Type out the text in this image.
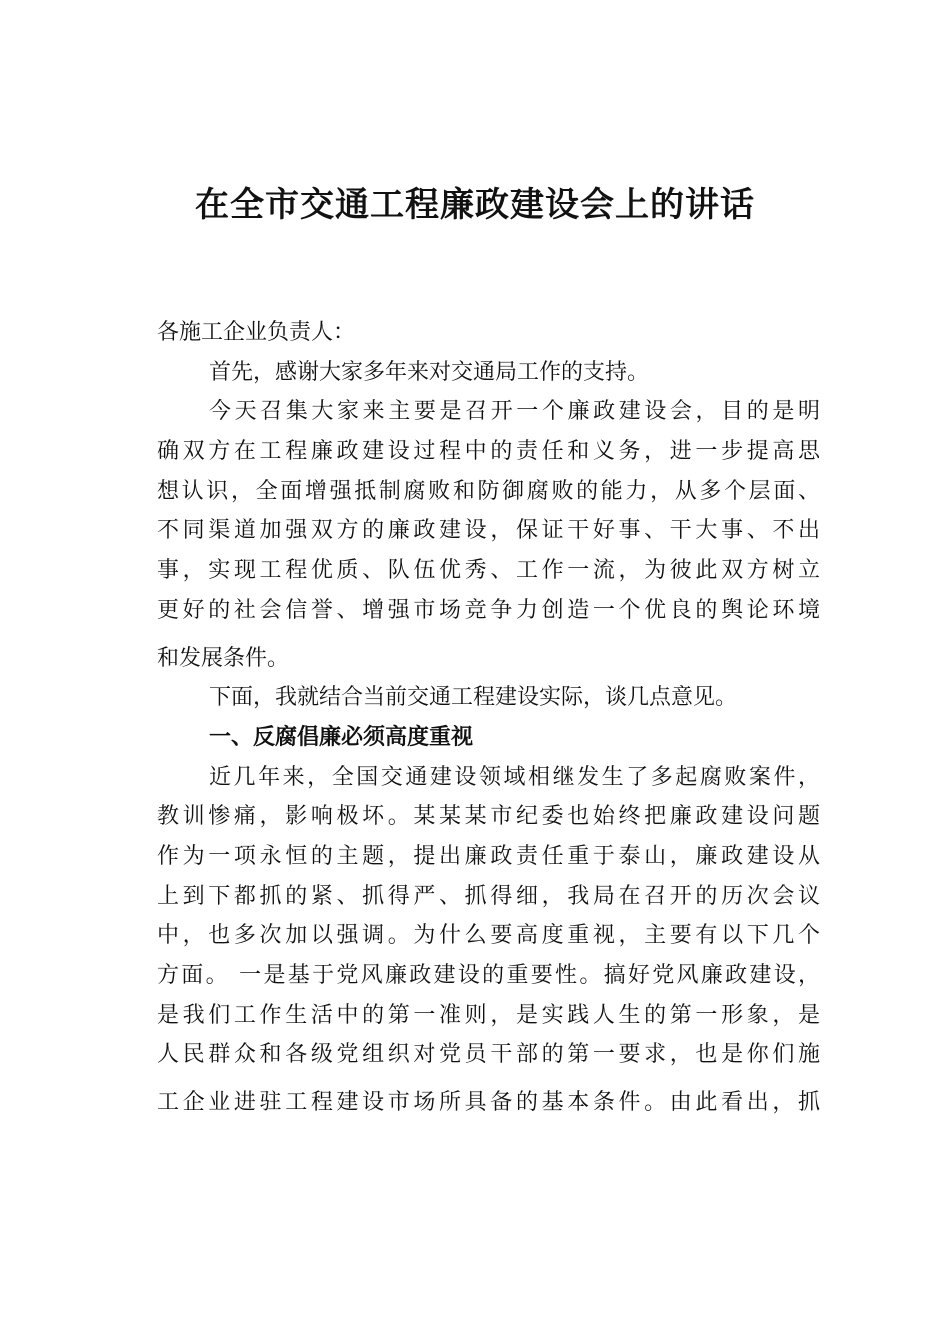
在全市交通工程廉政建设会上的讲话
各施工企业负责人：
首先，感谢大家多年来对交通局工作的支持。
今天召集大家来主要是召开一个廉政建设会，目的是明
确双方在工程廉政建设过程中的责任和义务，进一步提高思
想认识，全面增强抵制腐败和防御腐败的能力，从多个层面、
不同渠道加强双方的廉政建设，保证干好事、干大事、不出
事，实现工程优质、队伍优秀、工作一流，为彼此双方树立
更好的社会信誉、增强市场竞争力创造一个优良的舆论环境
和发展条件。
下面，我就结合当前交通工程建设实际，谈几点意见。
一、反腐倡廉必须高度重视
近几年来，全国交通建设领域相继发生了多起腐败案件，
教训惨痛，影响极坏。某某某市纪委也始终把廉政建设问题
作为一项永恒的主题，提出廉政责任重于泰山，廉政建设从
上到下都抓的紧、抓得严、抓得细，我局在召开的历次会议
中，也多次加以强调。为什么要高度重视，主要有以下几个
方面。 一是基于党风廉政建设的重要性。搞好党风廉政建设，
是我们工作生活中的第一准则，是实践人生的第一形象，是
人民群众和各级党组织对党员干部的第一要求，也是你们施
工企业进驻工程建设市场所具备的基本条件。由此看出，抓
